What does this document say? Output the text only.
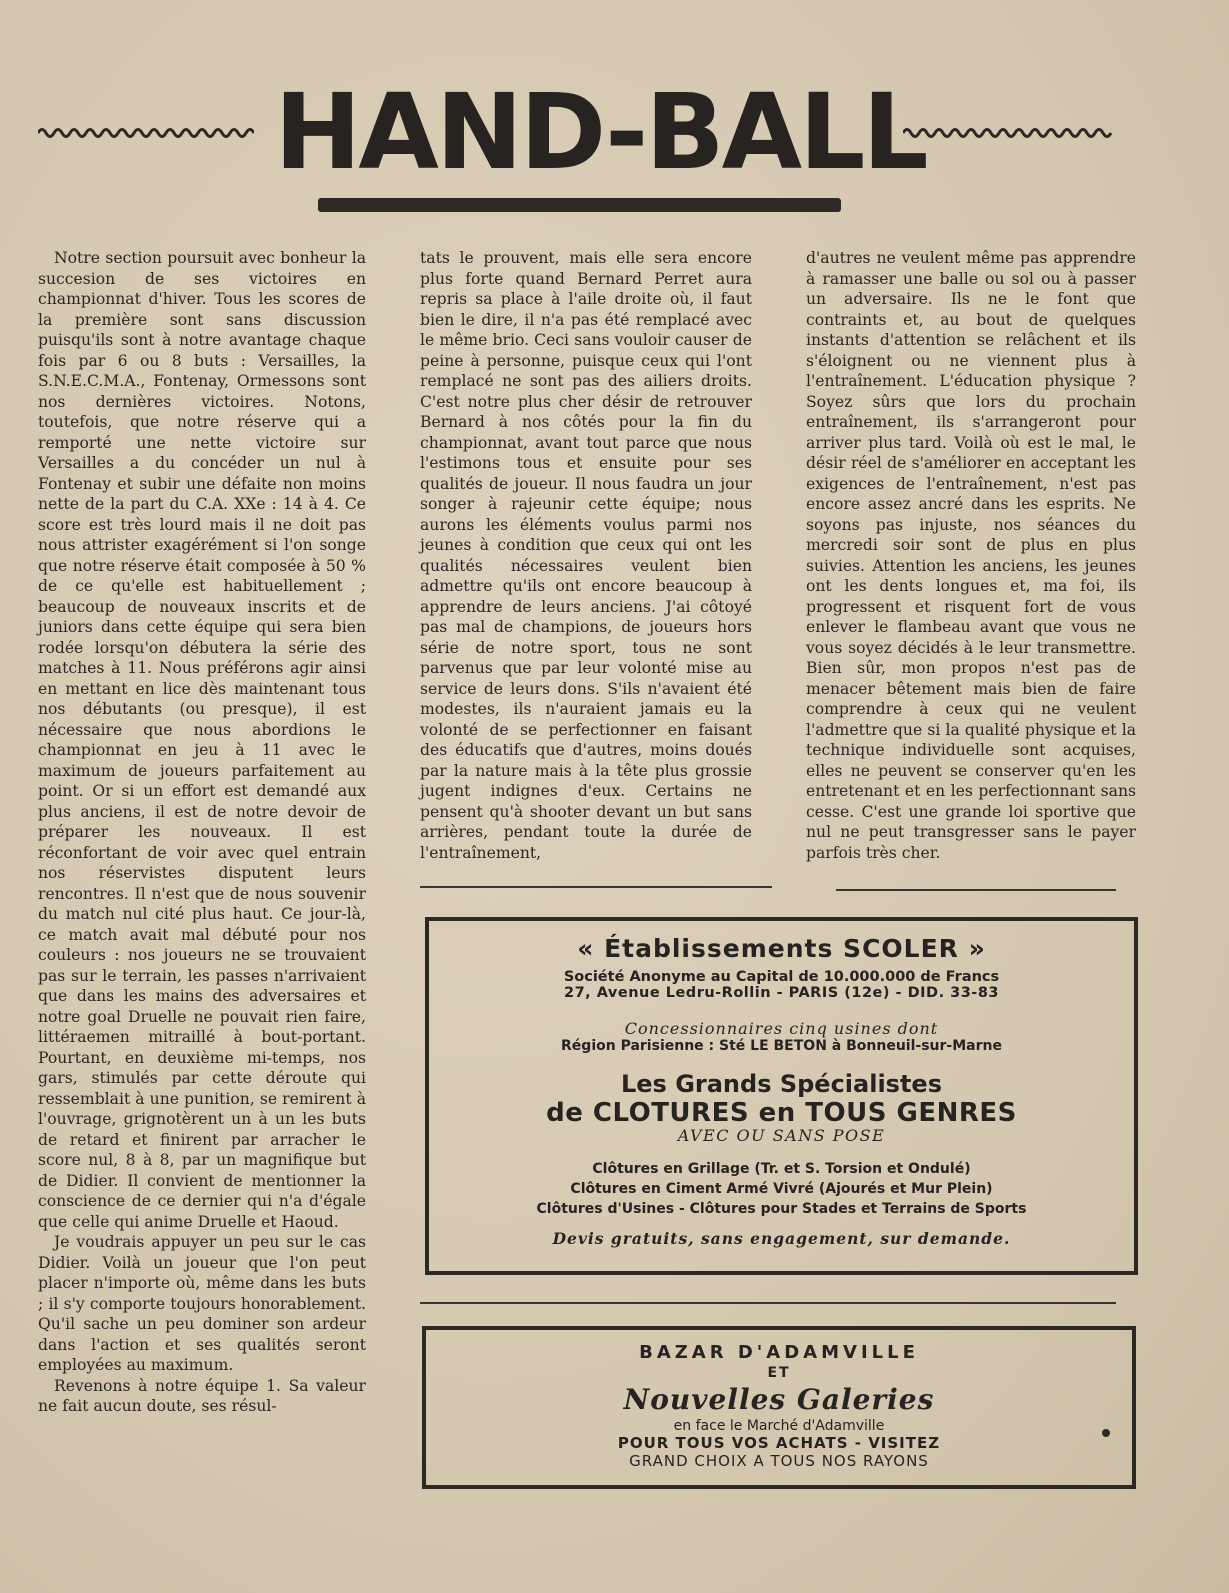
HAND-BALL

Notre section poursuit avec bonheur la succesion de ses victoires en championnat d'hiver. Tous les scores de la première sont sans discussion puisqu'ils sont à notre avantage chaque fois par 6 ou 8 buts : Versailles, la S.N.E.C.M.A., Fontenay, Ormessons sont nos dernières victoires. Notons, toutefois, que notre réserve qui a remporté une nette victoire sur Versailles a du concéder un nul à Fontenay et subir une défaite non moins nette de la part du C.A. XXe : 14 à 4. Ce score est très lourd mais il ne doit pas nous attrister exagérément si l'on songe que notre réserve était composée à 50 % de ce qu'elle est habituellement ; beaucoup de nouveaux inscrits et de juniors dans cette équipe qui sera bien rodée lorsqu'on débutera la série des matches à 11. Nous préférons agir ainsi en mettant en lice dès maintenant tous nos débutants (ou presque), il est nécessaire que nous abordions le championnat en jeu à 11 avec le maximum de joueurs parfaitement au point. Or si un effort est demandé aux plus anciens, il est de notre devoir de préparer les nouveaux. Il est réconfortant de voir avec quel entrain nos réservistes disputent leurs rencontres. Il n'est que de nous souvenir du match nul cité plus haut. Ce jour-là, ce match avait mal débuté pour nos couleurs : nos joueurs ne se trouvaient pas sur le terrain, les passes n'arrivaient que dans les mains des adversaires et notre goal Druelle ne pouvait rien faire, littéraemen mitraillé à bout-portant. Pourtant, en deuxième mi-temps, nos gars, stimulés par cette déroute qui ressemblait à une punition, se remirent à l'ouvrage, grignotèrent un à un les buts de retard et finirent par arracher le score nul, 8 à 8, par un magnifique but de Didier. Il convient de mentionner la conscience de ce dernier qui n'a d'égale que celle qui anime Druelle et Haoud.

Je voudrais appuyer un peu sur le cas Didier. Voilà un joueur que l'on peut placer n'importe où, même dans les buts ; il s'y comporte toujours honorablement. Qu'il sache un peu dominer son ardeur dans l'action et ses qualités seront employées au maximum.

Revenons à notre équipe 1. Sa valeur ne fait aucun doute, ses résul-

tats le prouvent, mais elle sera encore plus forte quand Bernard Perret aura repris sa place à l'aile droite où, il faut bien le dire, il n'a pas été remplacé avec le même brio. Ceci sans vouloir causer de peine à personne, puisque ceux qui l'ont remplacé ne sont pas des ailiers droits. C'est notre plus cher désir de retrouver Bernard à nos côtés pour la fin du championnat, avant tout parce que nous l'estimons tous et ensuite pour ses qualités de joueur. Il nous faudra un jour songer à rajeunir cette équipe; nous aurons les éléments voulus parmi nos jeunes à condition que ceux qui ont les qualités nécessaires veulent bien admettre qu'ils ont encore beaucoup à apprendre de leurs anciens. J'ai côtoyé pas mal de champions, de joueurs hors série de notre sport, tous ne sont parvenus que par leur volonté mise au service de leurs dons. S'ils n'avaient été modestes, ils n'auraient jamais eu la volonté de se perfectionner en faisant des éducatifs que d'autres, moins doués par la nature mais à la tête plus grossie jugent indignes d'eux. Certains ne pensent qu'à shooter devant un but sans arrières, pendant toute la durée de l'entraînement,

d'autres ne veulent même pas apprendre à ramasser une balle ou sol ou à passer un adversaire. Ils ne le font que contraints et, au bout de quelques instants d'attention se relâchent et ils s'éloignent ou ne viennent plus à l'entraînement. L'éducation physique ? Soyez sûrs que lors du prochain entraînement, ils s'arrangeront pour arriver plus tard. Voilà où est le mal, le désir réel de s'améliorer en acceptant les exigences de l'entraînement, n'est pas encore assez ancré dans les esprits. Ne soyons pas injuste, nos séances du mercredi soir sont de plus en plus suivies. Attention les anciens, les jeunes ont les dents longues et, ma foi, ils progressent et risquent fort de vous enlever le flambeau avant que vous ne vous soyez décidés à le leur transmettre. Bien sûr, mon propos n'est pas de menacer bêtement mais bien de faire comprendre à ceux qui ne veulent l'admettre que si la qualité physique et la technique individuelle sont acquises, elles ne peuvent se conserver qu'en les entretenant et en les perfectionnant sans cesse. C'est une grande loi sportive que nul ne peut transgresser sans le payer parfois très cher.

« Établissements SCOLER »
Société Anonyme au Capital de 10.000.000 de Francs
27, Avenue Ledru-Rollin - PARIS (12e) - DID. 33-83
Concessionnaires cinq usines dont
Région Parisienne : Sté LE BETON à Bonneuil-sur-Marne
Les Grands Spécialistes
de CLOTURES en TOUS GENRES
AVEC OU SANS POSE
Clôtures en Grillage (Tr. et S. Torsion et Ondulé)
Clôtures en Ciment Armé Vivré (Ajourés et Mur Plein)
Clôtures d'Usines - Clôtures pour Stades et Terrains de Sports
Devis gratuits, sans engagement, sur demande.
BAZAR D'ADAMVILLE
ET
Nouvelles Galeries
en face le Marché d'Adamville
POUR TOUS VOS ACHATS - VISITEZ
GRAND CHOIX A TOUS NOS RAYONS
